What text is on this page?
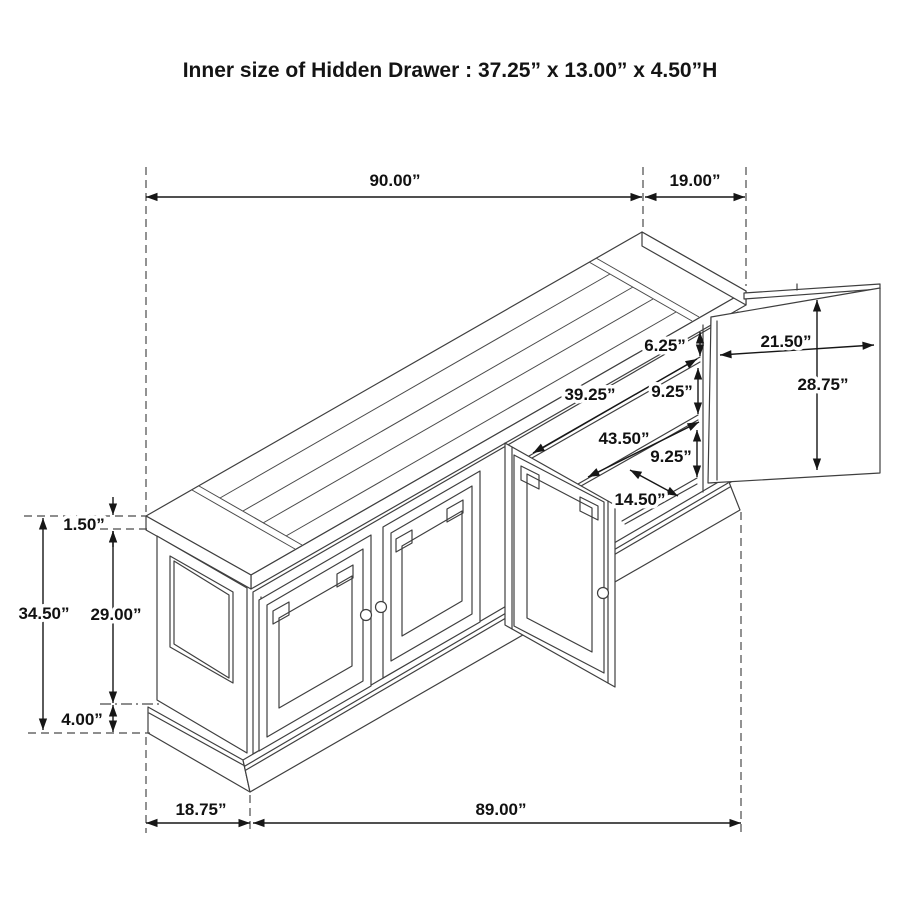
Inner size of Hidden Drawer : 37.25” x 13.00” x 4.50”H
90.00”	19.00”
21.50”
28.75”
6.25”
9.25”
9.25”
39.25”
43.50”
14.50”
1.50”
34.50” 29.00”
4.00”
18.75”	89.00”
